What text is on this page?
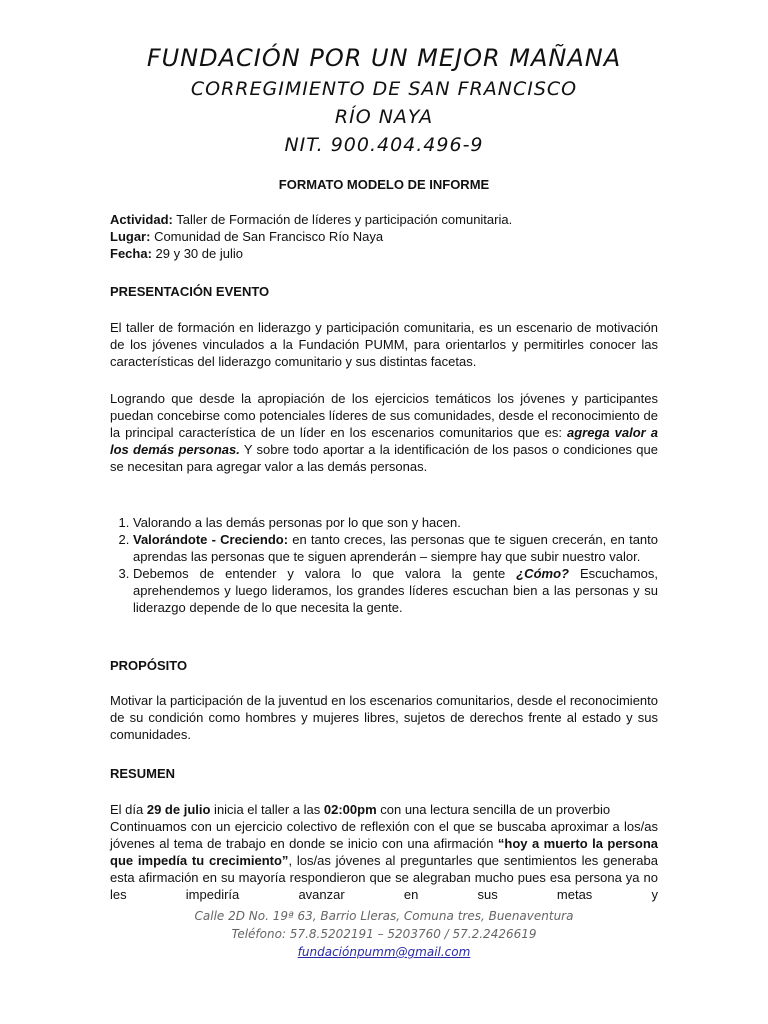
FUNDACIÓN POR UN MEJOR MAÑANA
CORREGIMIENTO DE SAN FRANCISCO
RÍO NAYA
NIT. 900.404.496-9
FORMATO MODELO DE INFORME
Actividad: Taller de Formación de líderes y participación comunitaria.
Lugar: Comunidad de San Francisco Río Naya
Fecha: 29 y 30 de julio
PRESENTACIÓN EVENTO

El taller de formación en liderazgo y participación comunitaria, es un escenario de motivación de los jóvenes vinculados a la Fundación PUMM, para orientarlos y permitirles conocer las características del liderazgo comunitario y sus distintas facetas.

Logrando que desde la apropiación de los ejercicios temáticos los jóvenes y participantes puedan concebirse como potenciales líderes de sus comunidades, desde el reconocimiento de la principal característica de un líder en los escenarios comunitarios que es: agrega valor a los demás personas. Y sobre todo aportar a la identificación de los pasos o condiciones que se necesitan para agregar valor a las demás personas.

1. Valorando a las demás personas por lo que son y hacen.
2. Valorándote - Creciendo: en tanto creces, las personas que te siguen crecerán, en tanto aprendas las personas que te siguen aprenderán – siempre hay que subir nuestro valor.
3. Debemos de entender y valora lo que valora la gente ¿Cómo? Escuchamos, aprehendemos y luego lideramos, los grandes líderes escuchan bien a las personas y su liderazgo depende de lo que necesita la gente.
PROPÓSITO

Motivar la participación de la juventud en los escenarios comunitarios, desde el reconocimiento de su condición como hombres y mujeres libres, sujetos de derechos frente al estado y sus comunidades.

RESUMEN

El día 29 de julio inicia el taller a las 02:00pm con una lectura sencilla de un proverbio

Continuamos con un ejercicio colectivo de reflexión con el que se buscaba aproximar a los/as jóvenes al tema de trabajo en donde se inicio con una afirmación “hoy a muerto la persona que impedía tu crecimiento”, los/as jóvenes al preguntarles que sentimientos les generaba esta afirmación en su mayoría respondieron que se alegraban mucho pues esa persona ya no les impediría avanzar en sus metas y

Calle 2D No. 19ª 63, Barrio Lleras, Comuna tres, Buenaventura
Teléfono: 57.8.5202191 – 5203760 / 57.2.2426619
fundaciónpumm@gmail.com
